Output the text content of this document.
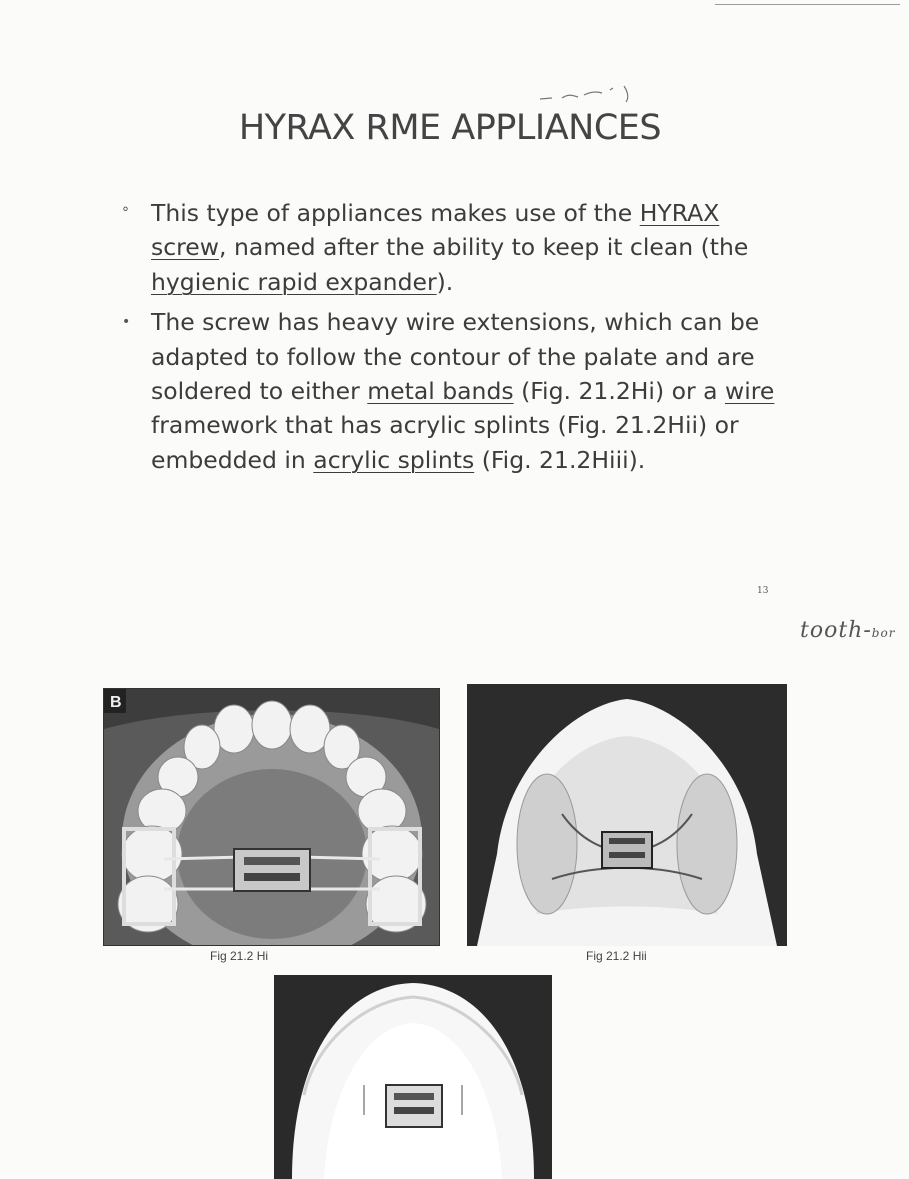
HYRAX RME APPLIANCES
° This type of appliances makes use of the HYRAX screw, named after the ability to keep it clean (the hygienic rapid expander).
• The screw has heavy wire extensions, which can be adapted to follow the contour of the palate and are soldered to either metal bands (Fig. 21.2Hi) or a wire framework that has acrylic splints (Fig. 21.2Hii) or embedded in acrylic splints (Fig. 21.2Hiii).
13
tooth-bor
B
Fig 21.2 Hi	Fig 21.2 Hii
